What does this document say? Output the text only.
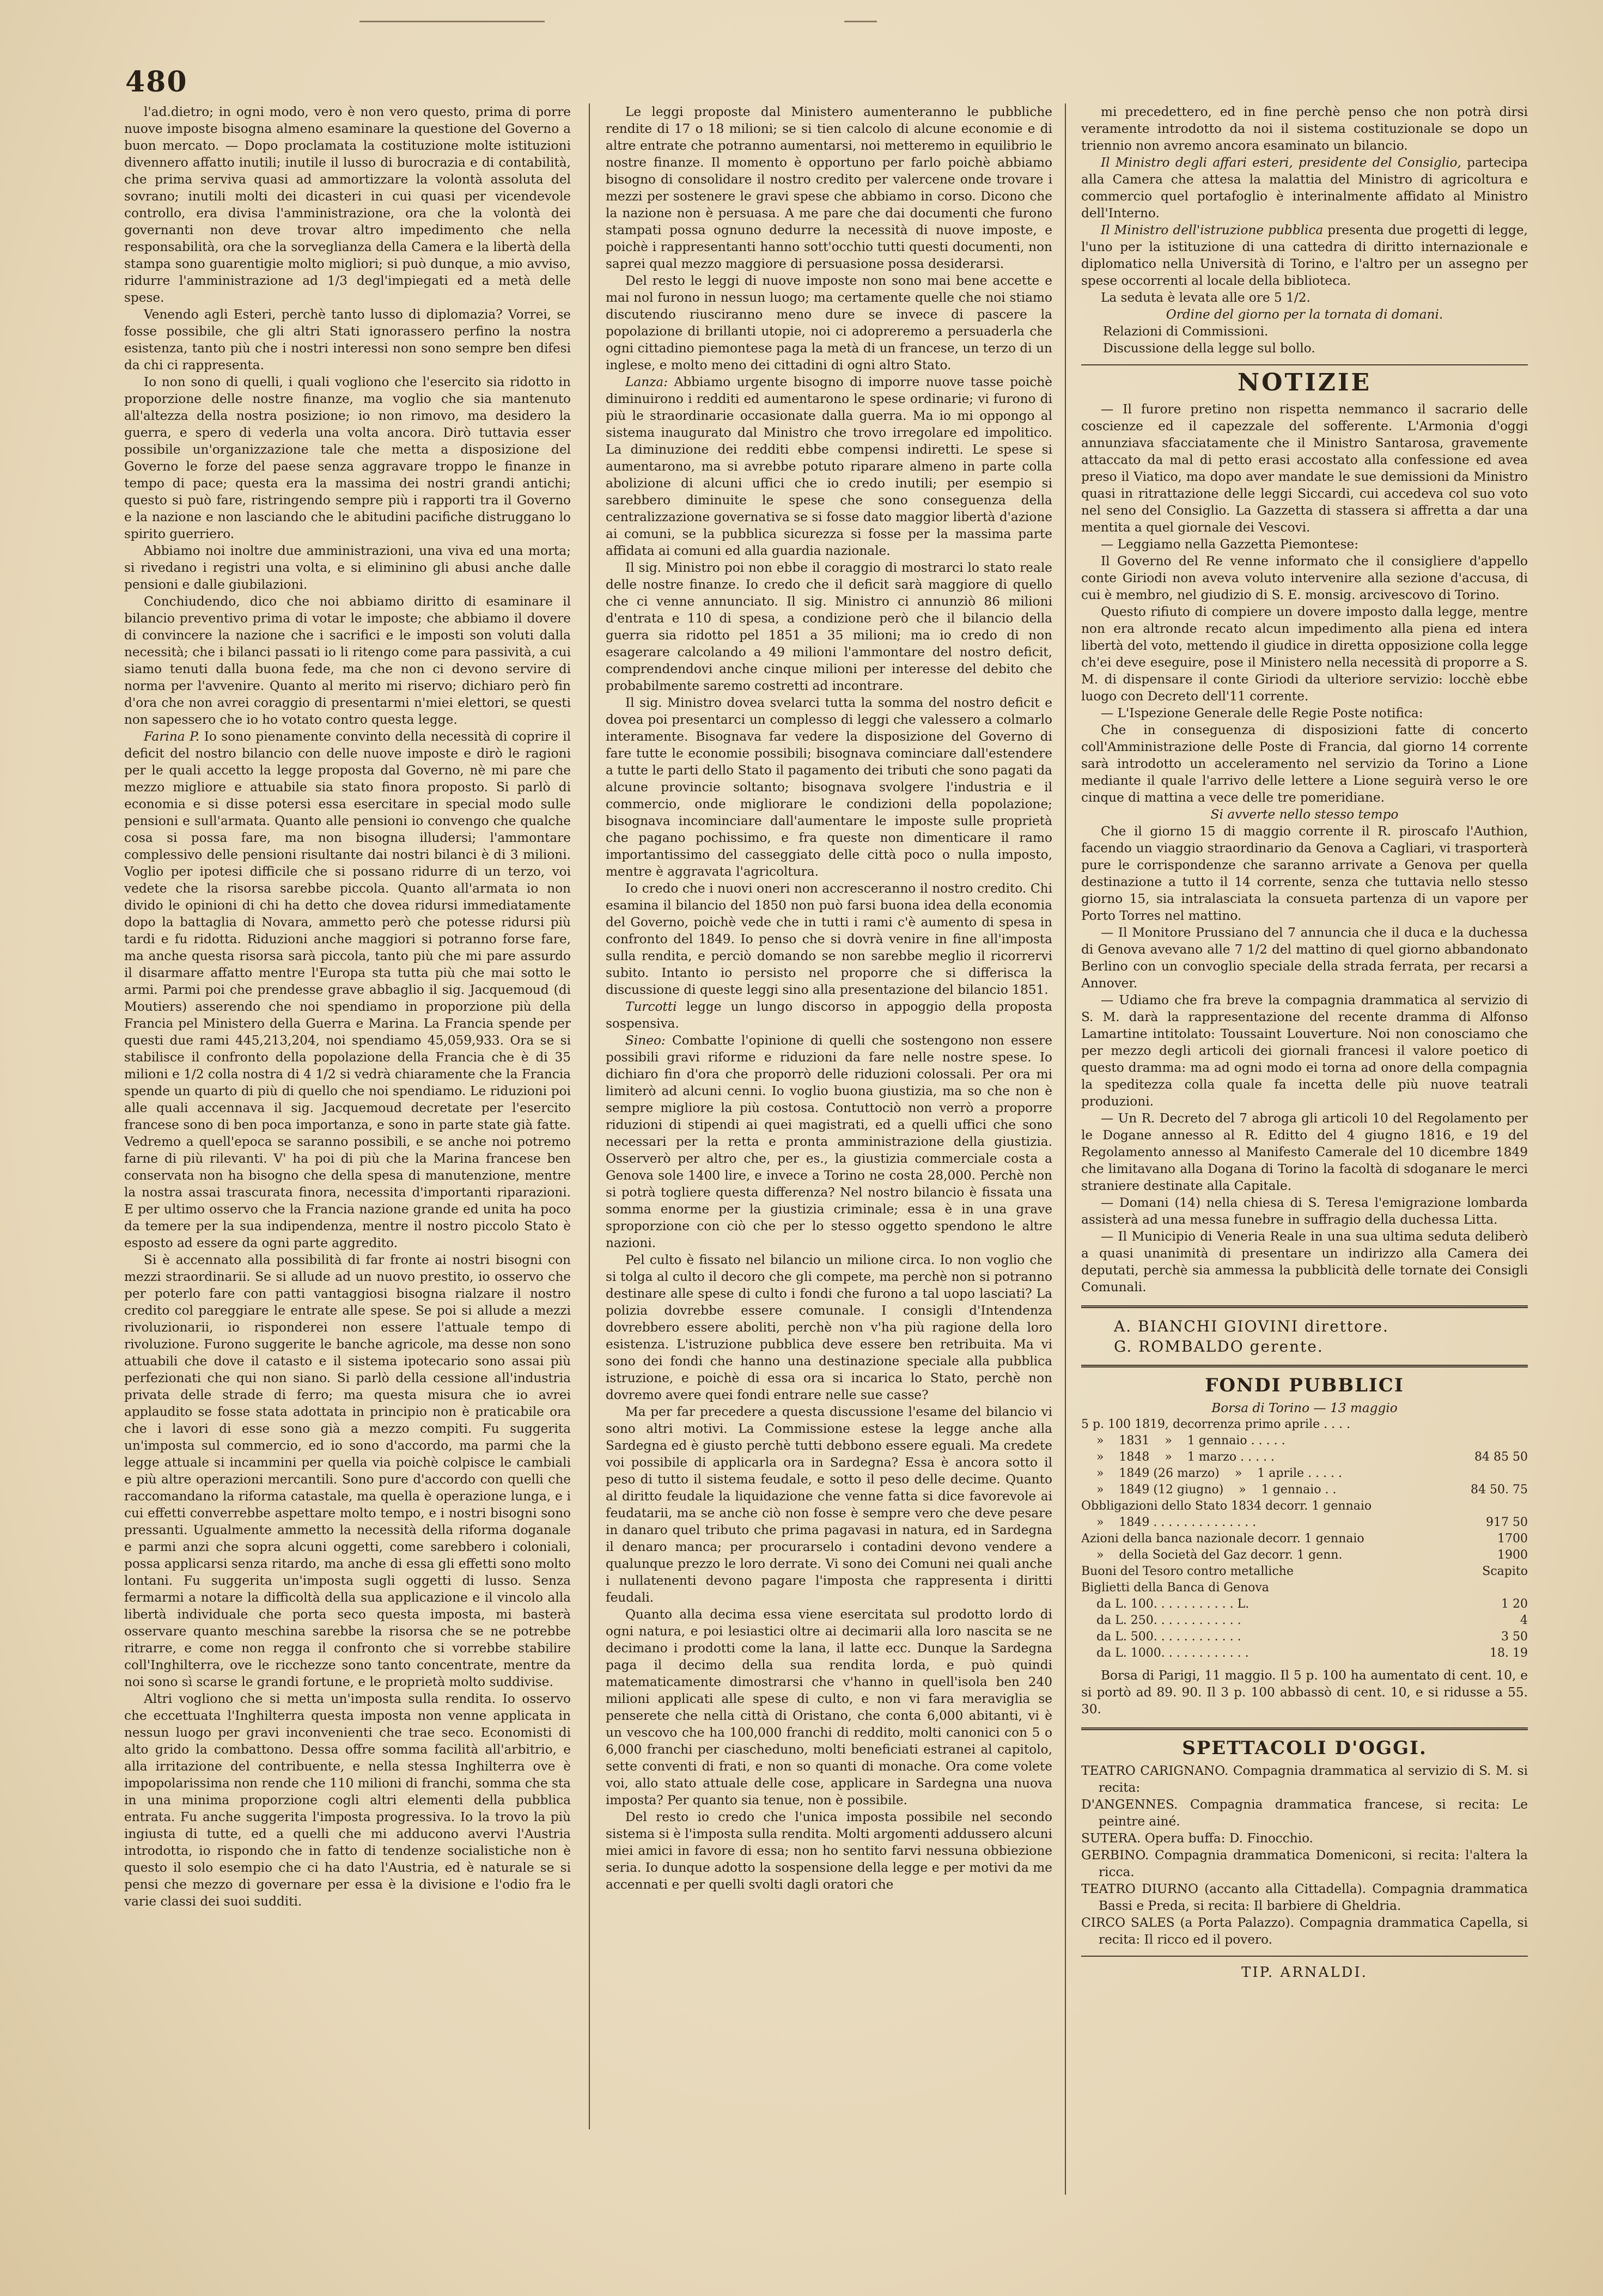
480

l'ad.dietro; in ogni modo, vero è non vero questo, prima di porre nuove imposte bisogna almeno esaminare la questione del Governo a buon mercato. — Dopo proclamata la costituzione molte istituzioni divennero affatto inutili; inutile il lusso di burocrazia e di contabilità, che prima serviva quasi ad ammortizzare la volontà assoluta del sovrano; inutili molti dei dicasteri in cui quasi per vicendevole controllo, era divisa l'amministrazione, ora che la volontà dei governanti non deve trovar altro impedimento che nella responsabilità, ora che la sorveglianza della Camera e la libertà della stampa sono guarentigie molto migliori; si può dunque, a mio avviso, ridurre l'amministrazione ad 1/3 degl'impiegati ed a metà delle spese.

Venendo agli Esteri, perchè tanto lusso di diplomazia? Vorrei, se fosse possibile, che gli altri Stati ignorassero perfino la nostra esistenza, tanto più che i nostri interessi non sono sempre ben difesi da chi ci rappresenta.

Io non sono di quelli, i quali vogliono che l'esercito sia ridotto in proporzione delle nostre finanze, ma voglio che sia mantenuto all'altezza della nostra posizione; io non rimovo, ma desidero la guerra, e spero di vederla una volta ancora. Dirò tuttavia esser possibile un'organizzazione tale che metta a disposizione del Governo le forze del paese senza aggravare troppo le finanze in tempo di pace; questa era la massima dei nostri grandi antichi; questo si può fare, ristringendo sempre più i rapporti tra il Governo e la nazione e non lasciando che le abitudini pacifiche distruggano lo spirito guerriero.

Abbiamo noi inoltre due amministrazioni, una viva ed una morta; si rivedano i registri una volta, e si eliminino gli abusi anche dalle pensioni e dalle giubilazioni.

Conchiudendo, dico che noi abbiamo diritto di esaminare il bilancio preventivo prima di votar le imposte; che abbiamo il dovere di convincere la nazione che i sacrifici e le imposti son voluti dalla necessità; che i bilanci passati io li ritengo come para passività, a cui siamo tenuti dalla buona fede, ma che non ci devono servire di norma per l'avvenire. Quanto al merito mi riservo; dichiaro però fin d'ora che non avrei coraggio di presentarmi n'miei elettori, se questi non sapessero che io ho votato contro questa legge.

Farina P. Io sono pienamente convinto della necessità di coprire il deficit del nostro bilancio con delle nuove imposte e dirò le ragioni per le quali accetto la legge proposta dal Governo, nè mi pare che mezzo migliore e attuabile sia stato finora proposto. Si parlò di economia e si disse potersi essa esercitare in special modo sulle pensioni e sull'armata. Quanto alle pensioni io convengo che qualche cosa si possa fare, ma non bisogna illudersi; l'ammontare complessivo delle pensioni risultante dai nostri bilanci è di 3 milioni. Voglio per ipotesi difficile che si possano ridurre di un terzo, voi vedete che la risorsa sarebbe piccola. Quanto all'armata io non divido le opinioni di chi ha detto che dovea ridursi immediatamente dopo la battaglia di Novara, ammetto però che potesse ridursi più tardi e fu ridotta. Riduzioni anche maggiori si potranno forse fare, ma anche questa risorsa sarà piccola, tanto più che mi pare assurdo il disarmare affatto mentre l'Europa sta tutta più che mai sotto le armi. Parmi poi che prendesse grave abbaglio il sig. Jacquemoud (di Moutiers) asserendo che noi spendiamo in proporzione più della Francia pel Ministero della Guerra e Marina. La Francia spende per questi due rami 445,213,204, noi spendiamo 45,059,933. Ora se si stabilisce il confronto della popolazione della Francia che è di 35 milioni e 1/2 colla nostra di 4 1/2 si vedrà chiaramente che la Francia spende un quarto di più di quello che noi spendiamo. Le riduzioni poi alle quali accennava il sig. Jacquemoud decretate per l'esercito francese sono di ben poca importanza, e sono in parte state già fatte. Vedremo a quell'epoca se saranno possibili, e se anche noi potremo farne di più rilevanti. V' ha poi di più che la Marina francese ben conservata non ha bisogno che della spesa di manutenzione, mentre la nostra assai trascurata finora, necessita d'importanti riparazioni. E per ultimo osservo che la Francia nazione grande ed unita ha poco da temere per la sua indipendenza, mentre il nostro piccolo Stato è esposto ad essere da ogni parte aggredito.

Si è accennato alla possibilità di far fronte ai nostri bisogni con mezzi straordinarii. Se si allude ad un nuovo prestito, io osservo che per poterlo fare con patti vantaggiosi bisogna rialzare il nostro credito col pareggiare le entrate alle spese. Se poi si allude a mezzi rivoluzionarii, io risponderei non essere l'attuale tempo di rivoluzione. Furono suggerite le banche agricole, ma desse non sono attuabili che dove il catasto e il sistema ipotecario sono assai più perfezionati che qui non siano. Si parlò della cessione all'industria privata delle strade di ferro; ma questa misura che io avrei applaudito se fosse stata adottata in principio non è praticabile ora che i lavori di esse sono già a mezzo compiti. Fu suggerita un'imposta sul commercio, ed io sono d'accordo, ma parmi che la legge attuale si incammini per quella via poichè colpisce le cambiali e più altre operazioni mercantili. Sono pure d'accordo con quelli che raccomandano la riforma catastale, ma quella è operazione lunga, e i cui effetti converrebbe aspettare molto tempo, e i nostri bisogni sono pressanti. Ugualmente ammetto la necessità della riforma doganale e parmi anzi che sopra alcuni oggetti, come sarebbero i coloniali, possa applicarsi senza ritardo, ma anche di essa gli effetti sono molto lontani. Fu suggerita un'imposta sugli oggetti di lusso. Senza fermarmi a notare la difficoltà della sua applicazione e il vincolo alla libertà individuale che porta seco questa imposta, mi basterà osservare quanto meschina sarebbe la risorsa che se ne potrebbe ritrarre, e come non regga il confronto che si vorrebbe stabilire coll'Inghilterra, ove le ricchezze sono tanto concentrate, mentre da noi sono sì scarse le grandi fortune, e le proprietà molto suddivise.

Altri vogliono che si metta un'imposta sulla rendita. Io osservo che eccettuata l'Inghilterra questa imposta non venne applicata in nessun luogo per gravi inconvenienti che trae seco. Economisti di alto grido la combattono. Dessa offre somma facilità all'arbitrio, e alla irritazione del contribuente, e nella stessa Inghilterra ove è impopolarissima non rende che 110 milioni di franchi, somma che sta in una minima proporzione cogli altri elementi della pubblica entrata. Fu anche suggerita l'imposta progressiva. Io la trovo la più ingiusta di tutte, ed a quelli che mi adducono avervi l'Austria introdotta, io rispondo che in fatto di tendenze socialistiche non è questo il solo esempio che ci ha dato l'Austria, ed è naturale se si pensi che mezzo di governare per essa è la divisione e l'odio fra le varie classi dei suoi sudditi.

Le leggi proposte dal Ministero aumenteranno le pubbliche rendite di 17 o 18 milioni; se si tien calcolo di alcune economie e di altre entrate che potranno aumentarsi, noi metteremo in equilibrio le nostre finanze. Il momento è opportuno per farlo poichè abbiamo bisogno di consolidare il nostro credito per valercene onde trovare i mezzi per sostenere le gravi spese che abbiamo in corso. Dicono che la nazione non è persuasa. A me pare che dai documenti che furono stampati possa ognuno dedurre la necessità di nuove imposte, e poichè i rappresentanti hanno sott'occhio tutti questi documenti, non saprei qual mezzo maggiore di persuasione possa desiderarsi.

Del resto le leggi di nuove imposte non sono mai bene accette e mai nol furono in nessun luogo; ma certamente quelle che noi stiamo discutendo riusciranno meno dure se invece di pascere la popolazione di brillanti utopie, noi ci adopreremo a persuaderla che ogni cittadino piemontese paga la metà di un francese, un terzo di un inglese, e molto meno dei cittadini di ogni altro Stato.

Lanza: Abbiamo urgente bisogno di imporre nuove tasse poichè diminuirono i redditi ed aumentarono le spese ordinarie; vi furono di più le straordinarie occasionate dalla guerra. Ma io mi oppongo al sistema inaugurato dal Ministro che trovo irregolare ed impolitico. La diminuzione dei redditi ebbe compensi indiretti. Le spese si aumentarono, ma si avrebbe potuto riparare almeno in parte colla abolizione di alcuni uffici che io credo inutili; per esempio si sarebbero diminuite le spese che sono conseguenza della centralizzazione governativa se si fosse dato maggior libertà d'azione ai comuni, se la pubblica sicurezza si fosse per la massima parte affidata ai comuni ed alla guardia nazionale.

Il sig. Ministro poi non ebbe il coraggio di mostrarci lo stato reale delle nostre finanze. Io credo che il deficit sarà maggiore di quello che ci venne annunciato. Il sig. Ministro ci annunziò 86 milioni d'entrata e 110 di spesa, a condizione però che il bilancio della guerra sia ridotto pel 1851 a 35 milioni; ma io credo di non esagerare calcolando a 49 milioni l'ammontare del nostro deficit, comprendendovi anche cinque milioni per interesse del debito che probabilmente saremo costretti ad incontrare.

Il sig. Ministro dovea svelarci tutta la somma del nostro deficit e dovea poi presentarci un complesso di leggi che valessero a colmarlo interamente. Bisognava far vedere la disposizione del Governo di fare tutte le economie possibili; bisognava cominciare dall'estendere a tutte le parti dello Stato il pagamento dei tributi che sono pagati da alcune provincie soltanto; bisognava svolgere l'industria e il commercio, onde migliorare le condizioni della popolazione; bisognava incominciare dall'aumentare le imposte sulle proprietà che pagano pochissimo, e fra queste non dimenticare il ramo importantissimo del casseggiato delle città poco o nulla imposto, mentre è aggravata l'agricoltura.

Io credo che i nuovi oneri non accresceranno il nostro credito. Chi esamina il bilancio del 1850 non può farsi buona idea della economia del Governo, poichè vede che in tutti i rami c'è aumento di spesa in confronto del 1849. Io penso che si dovrà venire in fine all'imposta sulla rendita, e perciò domando se non sarebbe meglio il ricorrervi subito. Intanto io persisto nel proporre che si differisca la discussione di queste leggi sino alla presentazione del bilancio 1851.

Turcotti legge un lungo discorso in appoggio della proposta sospensiva.

Sineo: Combatte l'opinione di quelli che sostengono non essere possibili gravi riforme e riduzioni da fare nelle nostre spese. Io dichiaro fin d'ora che proporrò delle riduzioni colossali. Per ora mi limiterò ad alcuni cenni. Io voglio buona giustizia, ma so che non è sempre migliore la più costosa. Contuttociò non verrò a proporre riduzioni di stipendi ai quei magistrati, ed a quelli uffici che sono necessari per la retta e pronta amministrazione della giustizia. Osserverò per altro che, per es., la giustizia commerciale costa a Genova sole 1400 lire, e invece a Torino ne costa 28,000. Perchè non si potrà togliere questa differenza? Nel nostro bilancio è fissata una somma enorme per la giustizia criminale; essa è in una grave sproporzione con ciò che per lo stesso oggetto spendono le altre nazioni.

Pel culto è fissato nel bilancio un milione circa. Io non voglio che si tolga al culto il decoro che gli compete, ma perchè non si potranno destinare alle spese di culto i fondi che furono a tal uopo lasciati? La polizia dovrebbe essere comunale. I consigli d'Intendenza dovrebbero essere aboliti, perchè non v'ha più ragione della loro esistenza. L'istruzione pubblica deve essere ben retribuita. Ma vi sono dei fondi che hanno una destinazione speciale alla pubblica istruzione, e poichè di essa ora si incarica lo Stato, perchè non dovremo avere quei fondi entrare nelle sue casse?

Ma per far precedere a questa discussione l'esame del bilancio vi sono altri motivi. La Commissione estese la legge anche alla Sardegna ed è giusto perchè tutti debbono essere eguali. Ma credete voi possibile di applicarla ora in Sardegna? Essa è ancora sotto il peso di tutto il sistema feudale, e sotto il peso delle decime. Quanto al diritto feudale la liquidazione che venne fatta si dice favorevole ai feudatarii, ma se anche ciò non fosse è sempre vero che deve pesare in danaro quel tributo che prima pagavasi in natura, ed in Sardegna il denaro manca; per procurarselo i contadini devono vendere a qualunque prezzo le loro derrate. Vi sono dei Comuni nei quali anche i nullatenenti devono pagare l'imposta che rappresenta i diritti feudali.

Quanto alla decima essa viene esercitata sul prodotto lordo di ogni natura, e poi lesiastici oltre ai decimarii alla loro nascita se ne decimano i prodotti come la lana, il latte ecc. Dunque la Sardegna paga il decimo della sua rendita lorda, e può quindi matematicamente dimostrarsi che v'hanno in quell'isola ben 240 milioni applicati alle spese di culto, e non vi fara meraviglia se penserete che nella città di Oristano, che conta 6,000 abitanti, vi è un vescovo che ha 100,000 franchi di reddito, molti canonici con 5 o 6,000 franchi per ciascheduno, molti beneficiati estranei al capitolo, sette conventi di frati, e non so quanti di monache. Ora come volete voi, allo stato attuale delle cose, applicare in Sardegna una nuova imposta? Per quanto sia tenue, non è possibile.

Del resto io credo che l'unica imposta possibile nel secondo sistema si è l'imposta sulla rendita. Molti argomenti addussero alcuni miei amici in favore di essa; non ho sentito farvi nessuna obbiezione seria. Io dunque adotto la sospensione della legge e per motivi da me accennati e per quelli svolti dagli oratori che

mi precedettero, ed in fine perchè penso che non potrà dirsi veramente introdotto da noi il sistema costituzionale se dopo un triennio non avremo ancora esaminato un bilancio.

Il Ministro degli affari esteri, presidente del Consiglio, partecipa alla Camera che attesa la malattia del Ministro di agricoltura e commercio quel portafoglio è interinalmente affidato al Ministro dell'Interno.

Il Ministro dell'istruzione pubblica presenta due progetti di legge, l'uno per la istituzione di una cattedra di diritto internazionale e diplomatico nella Università di Torino, e l'altro per un assegno per spese occorrenti al locale della biblioteca.

La seduta è levata alle ore 5 1/2.

Ordine del giorno per la tornata di domani.

Relazioni di Commissioni.

Discussione della legge sul bollo.

NOTIZIE

— Il furore pretino non rispetta nemmanco il sacrario delle coscienze ed il capezzale del sofferente. L'Armonia d'oggi annunziava sfacciatamente che il Ministro Santarosa, gravemente attaccato da mal di petto erasi accostato alla confessione ed avea preso il Viatico, ma dopo aver mandate le sue demissioni da Ministro quasi in ritrattazione delle leggi Siccardi, cui accedeva col suo voto nel seno del Consiglio. La Gazzetta di stassera si affretta a dar una mentita a quel giornale dei Vescovi.

— Leggiamo nella Gazzetta Piemontese:

Il Governo del Re venne informato che il consigliere d'appello conte Giriodi non aveva voluto intervenire alla sezione d'accusa, di cui è membro, nel giudizio di S. E. monsig. arcivescovo di Torino.

Questo rifiuto di compiere un dovere imposto dalla legge, mentre non era altronde recato alcun impedimento alla piena ed intera libertà del voto, mettendo il giudice in diretta opposizione colla legge ch'ei deve eseguire, pose il Ministero nella necessità di proporre a S. M. di dispensare il conte Giriodi da ulteriore servizio: locchè ebbe luogo con Decreto dell'11 corrente.

— L'Ispezione Generale delle Regie Poste notifica:

Che in conseguenza di disposizioni fatte di concerto coll'Amministrazione delle Poste di Francia, dal giorno 14 corrente sarà introdotto un acceleramento nel servizio da Torino a Lione mediante il quale l'arrivo delle lettere a Lione seguirà verso le ore cinque di mattina a vece delle tre pomeridiane.

Si avverte nello stesso tempo

Che il giorno 15 di maggio corrente il R. piroscafo l'Authion, facendo un viaggio straordinario da Genova a Cagliari, vi trasporterà pure le corrispondenze che saranno arrivate a Genova per quella destinazione a tutto il 14 corrente, senza che tuttavia nello stesso giorno 15, sia intralasciata la consueta partenza di un vapore per Porto Torres nel mattino.

— Il Monitore Prussiano del 7 annuncia che il duca e la duchessa di Genova avevano alle 7 1/2 del mattino di quel giorno abbandonato Berlino con un convoglio speciale della strada ferrata, per recarsi a Annover.

— Udiamo che fra breve la compagnia drammatica al servizio di S. M. darà la rappresentazione del recente dramma di Alfonso Lamartine intitolato: Toussaint Louverture. Noi non conosciamo che per mezzo degli articoli dei giornali francesi il valore poetico di questo dramma: ma ad ogni modo ei torna ad onore della compagnia la speditezza colla quale fa incetta delle più nuove teatrali produzioni.

— Un R. Decreto del 7 abroga gli articoli 10 del Regolamento per le Dogane annesso al R. Editto del 4 giugno 1816, e 19 del Regolamento annesso al Manifesto Camerale del 10 dicembre 1849 che limitavano alla Dogana di Torino la facoltà di sdoganare le merci straniere destinate alla Capitale.

— Domani (14) nella chiesa di S. Teresa l'emigrazione lombarda assisterà ad una messa funebre in suffragio della duchessa Litta.

— Il Municipio di Veneria Reale in una sua ultima seduta deliberò a quasi unanimità di presentare un indirizzo alla Camera dei deputati, perchè sia ammessa la pubblicità delle tornate dei Consigli Comunali.

A. BIANCHI GIOVINI direttore.
G. ROMBALDO gerente.
FONDI PUBBLICI

Borsa di Torino — 13 maggio

5 p. 100 1819, decorrenza primo aprile . . . .	
»    1831    »    1 gennaio . . . . .	
»    1848    »    1 marzo . . . . .	84 85 50
»    1849 (26 marzo)    »    1 aprile . . . . .	
»    1849 (12 giugno)    »    1 gennaio . .	84 50. 75
Obbligazioni dello Stato 1834 decorr. 1 gennaio	
»    1849 . . . . . . . . . . . . . .	917 50
Azioni della banca nazionale decorr. 1 gennaio	1700
»    della Società del Gaz decorr. 1 genn.	1900
Buoni del Tesoro contro metalliche	Scapito
Biglietti della Banca di Genova	
da L. 100. . . . . . . . . . . L.	1 20
da L. 250. . . . . . . . . . . .	4
da L. 500. . . . . . . . . . . .	3 50
da L. 1000. . . . . . . . . . . .	18. 19

Borsa di Parigi, 11 maggio. Il 5 p. 100 ha aumentato di cent. 10, e si portò ad 89. 90. Il 3 p. 100 abbassò di cent. 10, e si ridusse a 55. 30.

SPETTACOLI D'OGGI.

TEATRO CARIGNANO. Compagnia drammatica al servizio di S. M. si recita:

D'ANGENNES. Compagnia drammatica francese, si recita: Le peintre ainé.

SUTERA. Opera buffa: D. Finocchio.

GERBINO. Compagnia drammatica Domeniconi, si recita: l'altera la ricca.

TEATRO DIURNO (accanto alla Cittadella). Compagnia drammatica Bassi e Preda, si recita: Il barbiere di Gheldria.

CIRCO SALES (a Porta Palazzo). Compagnia drammatica Capella, si recita: Il ricco ed il povero.

TIP. ARNALDI.
